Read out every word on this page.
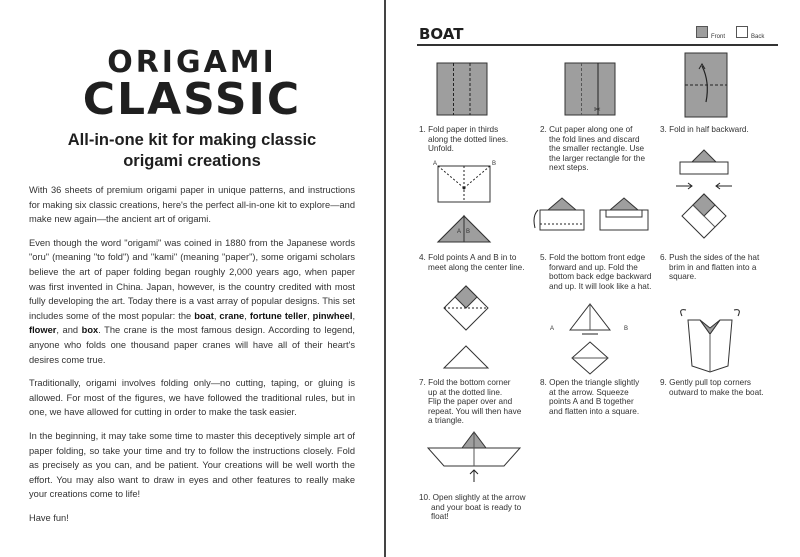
ORIGAMI
CLASSIC
All-in-one kit for making classic
origami creations

With 36 sheets of premium origami paper in unique patterns, and instructions for making six classic creations, here's the perfect all-in-one kit to explore—and make new again—the ancient art of origami.

Even though the word "origami" was coined in 1880 from the Japanese words "oru" (meaning "to fold") and "kami" (meaning "paper"), some origami scholars believe the art of paper folding began roughly 2,000 years ago, when paper was first invented in China. Japan, however, is the country credited with most fully developing the art. Today there is a vast array of popular designs. This set includes some of the most popular: the boat, crane, fortune teller, pinwheel, flower, and box. The crane is the most famous design. According to legend, anyone who folds one thousand paper cranes will have all of their heart's desires come true.

Traditionally, origami involves folding only—no cutting, taping, or gluing is allowed. For most of the figures, we have followed the traditional rules, but in one, we have allowed for cutting in order to make the task easier.

In the beginning, it may take some time to master this deceptively simple art of paper folding, so take your time and try to follow the instructions closely. Fold as precisely as you can, and be patient. Your creations will be well worth the effort. You may also want to draw in eyes and other features to really make your creations come to life!

Have fun!

BOAT	Front	Back
✂
1. Fold paper in thirds
along the dotted lines.
Unfold.
2. Cut paper along one of
the fold lines and discard
the smaller rectangle. Use
the larger rectangle for the
next steps.
3. Fold in half backward.
A	B
A B
4. Fold points A and B in to
meet along the center line.
5. Fold the bottom front edge
forward and up. Fold the
bottom back edge backward
and up. It will look like a hat.
6. Push the sides of the hat
brim in and flatten into a
square.
A	B
7. Fold the bottom corner
up at the dotted line.
Flip the paper over and
repeat. You will then have
a triangle.
8. Open the triangle slightly
at the arrow. Squeeze
points A and B together
and flatten into a square.
9. Gently pull top corners
outward to make the boat.
10. Open slightly at the arrow
and your boat is ready to
float!
